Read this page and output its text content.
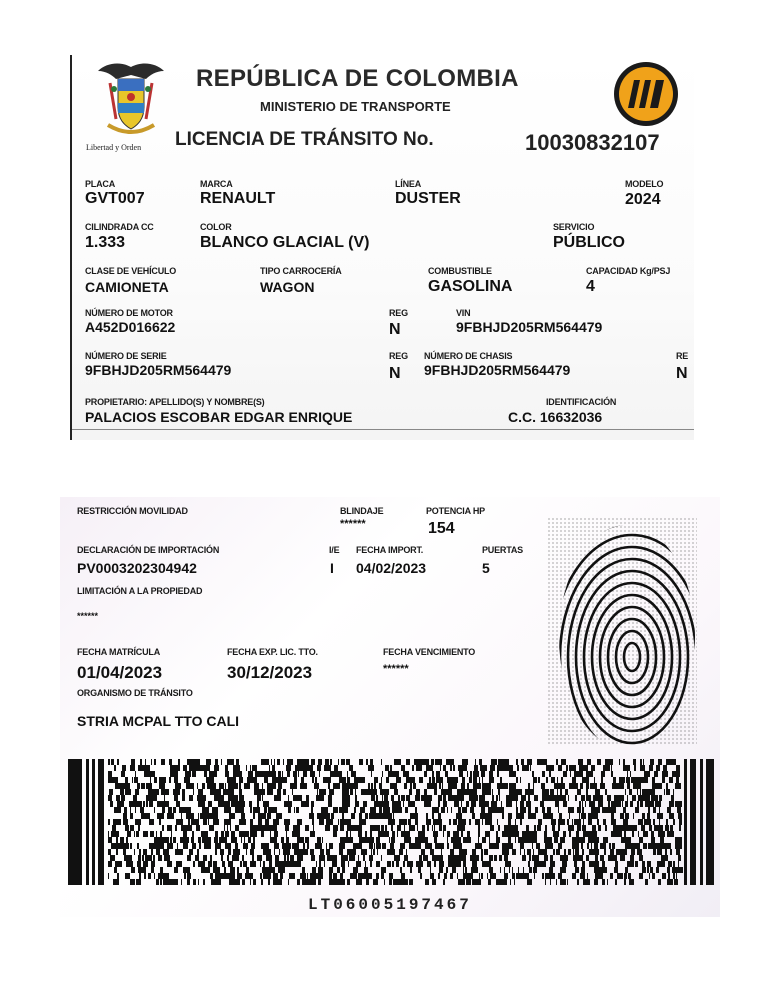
Libertad y Orden
REPÚBLICA DE COLOMBIA
MINISTERIO DE TRANSPORTE
LICENCIA DE TRÁNSITO No.	10030832107
PLACA
GVT007
MARCA
RENAULT
LÍNEA
DUSTER
MODELO
2024
CILINDRADA CC
1.333
COLOR
BLANCO GLACIAL (V)
SERVICIO
PÚBLICO
CLASE DE VEHÍCULO
CAMIONETA
TIPO CARROCERÍA
WAGON
COMBUSTIBLE
GASOLINA
CAPACIDAD Kg/PSJ
4
NÚMERO DE MOTOR
A452D016622
REG
N
VIN
9FBHJD205RM564479
NÚMERO DE SERIE
9FBHJD205RM564479
REG
N
NÚMERO DE CHASIS
9FBHJD205RM564479
RE
N
PROPIETARIO: APELLIDO(S) Y NOMBRE(S)
PALACIOS ESCOBAR EDGAR ENRIQUE
IDENTIFICACIÓN
C.C. 16632036
RESTRICCIÓN MOVILIDAD	BLINDAJE
******
POTENCIA HP
154
DECLARACIÓN DE IMPORTACIÓN
PV0003202304942
I/E
I
FECHA IMPORT.
04/02/2023
PUERTAS
5
LIMITACIÓN A LA PROPIEDAD
******
FECHA MATRÍCULA
01/04/2023
FECHA EXP. LIC. TTO.
30/12/2023
FECHA VENCIMIENTO
******
ORGANISMO DE TRÁNSITO
STRIA MCPAL TTO CALI
LT06005197467
